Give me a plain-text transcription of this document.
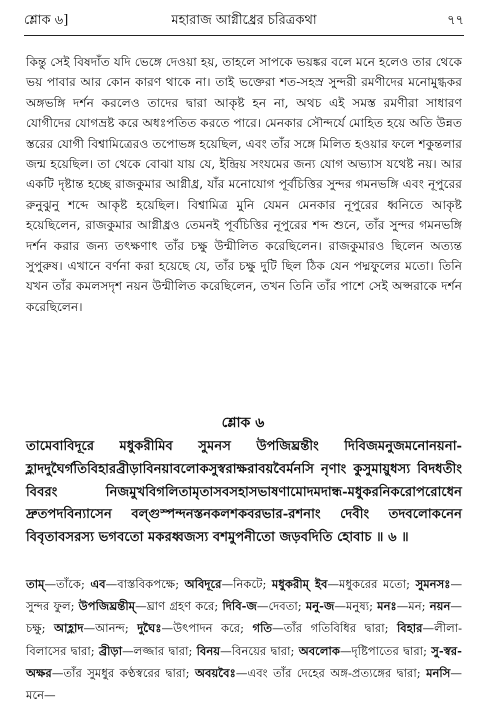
শ্লোক ৬]	মহারাজ আগ্নীধ্রের চরিত্রকথা	৭৭
কিন্তু সেই বিষদাঁত যদি ভেঙ্গে দেওয়া হয়, তাহলে সাপকে ভয়ঙ্কর বলে মনে হলেও তার থেকে ভয় পাবার আর কোন কারণ থাকে না। তাই ভক্তেরা শত-সহস্র সুন্দরী রমণীদের মনোমুগ্ধকর অঙ্গভঙ্গি দর্শন করলেও তাদের দ্বারা আকৃষ্ট হন না, অথচ এই সমস্ত রমণীরা সাধারণ যোগীদের যোগভ্রষ্ট করে অধঃপতিত করতে পারে। মেনকার সৌন্দর্যে মোহিত হয়ে অতি উন্নত স্তরের যোগী বিশ্বামিত্রেরও তপোভঙ্গ হয়েছিল, এবং তাঁর সঙ্গে মিলিত হওয়ার ফলে শকুন্তলার জন্ম হয়েছিল। তা থেকে বোঝা যায় যে, ইন্দ্রিয় সংযমের জন্য যোগ অভ্যাস যথেষ্ট নয়। আর একটি দৃষ্টান্ত হচ্ছে রাজকুমার আগ্নীধ্র, যাঁর মনোযোগ পূর্বচিত্তির সুন্দর গমনভঙ্গি এবং নূপুরের রুনুঝুনু শব্দে আকৃষ্ট হয়েছিল। বিশ্বামিত্র মুনি যেমন মেনকার নূপুরের ধ্বনিতে আকৃষ্ট হয়েছিলেন, রাজকুমার আগ্নীধ্রও তেমনই পূর্বচিত্তির নূপুরের শব্দ শুনে, তাঁর সুন্দর গমনভঙ্গি দর্শন করার জন্য তৎক্ষণাৎ তাঁর চক্ষু উন্মীলিত করেছিলেন। রাজকুমারও ছিলেন অত্যন্ত সুপুরুষ। এখানে বর্ণনা করা হয়েছে যে, তাঁর চক্ষু দুটি ছিল ঠিক যেন পদ্মফুলের মতো। তিনি যখন তাঁর কমলসদৃশ নয়ন উন্মীলিত করেছিলেন, তখন তিনি তাঁর পাশে সেই অপ্সরাকে দর্শন করেছিলেন।
শ্লোক ৬
তামেবাবিদূরে মধুকরীমিব সুমনস উপজিঘ্রন্তীং দিবিজমনুজমনোনয়না-হ্লাদদুঘৈর্গতিবিহারব্রীড়াবিনয়াবলোকসুস্বরাক্ষরাবয়বৈর্মনসি নৃণাং কুসুমায়ুধস্য বিদধতীং বিবরং নিজমুখবিগলিতামৃতাসবসহাসভাষণামোদমদান্ধ-মধুকরনিকরোপরোধেন দ্রুতপদবিন্যাসেন বল্গুস্পন্দনস্তনকলশকবরভার-রশনাং দেবীং তদবলোকনেন বিবৃতাবসরস্য ভগবতো মকরধ্বজস্য বশমুপনীতো জড়বদিতি হোবাচ ॥ ৬ ॥
তাম্—তাঁকে; এব—বাস্তবিকপক্ষে; অবিদূরে—নিকটে; মধুকরীম্ ইব—মধুকরের মতো; সুমনসঃ—সুন্দর ফুল; উপজিঘ্রন্তীম্—ঘ্রাণ গ্রহণ করে; দিবি-জ—দেবতা; মনু-জ—মনুষ্য; মনঃ—মন; নয়ন—চক্ষু; আহ্লাদ—আনন্দ; দুঘৈঃ—উৎপাদন করে; গতি—তাঁর গতিবিধির দ্বারা; বিহার—লীলা-বিলাসের দ্বারা; ব্রীড়া—লজ্জার দ্বারা; বিনয়—বিনয়ের দ্বারা; অবলোক—দৃষ্টিপাতের দ্বারা; সু-স্বর-অক্ষর—তাঁর সুমধুর কণ্ঠস্বরের দ্বারা; অবয়বৈঃ—এবং তাঁর দেহের অঙ্গ-প্রত্যঙ্গের দ্বারা; মনসি—মনে—
